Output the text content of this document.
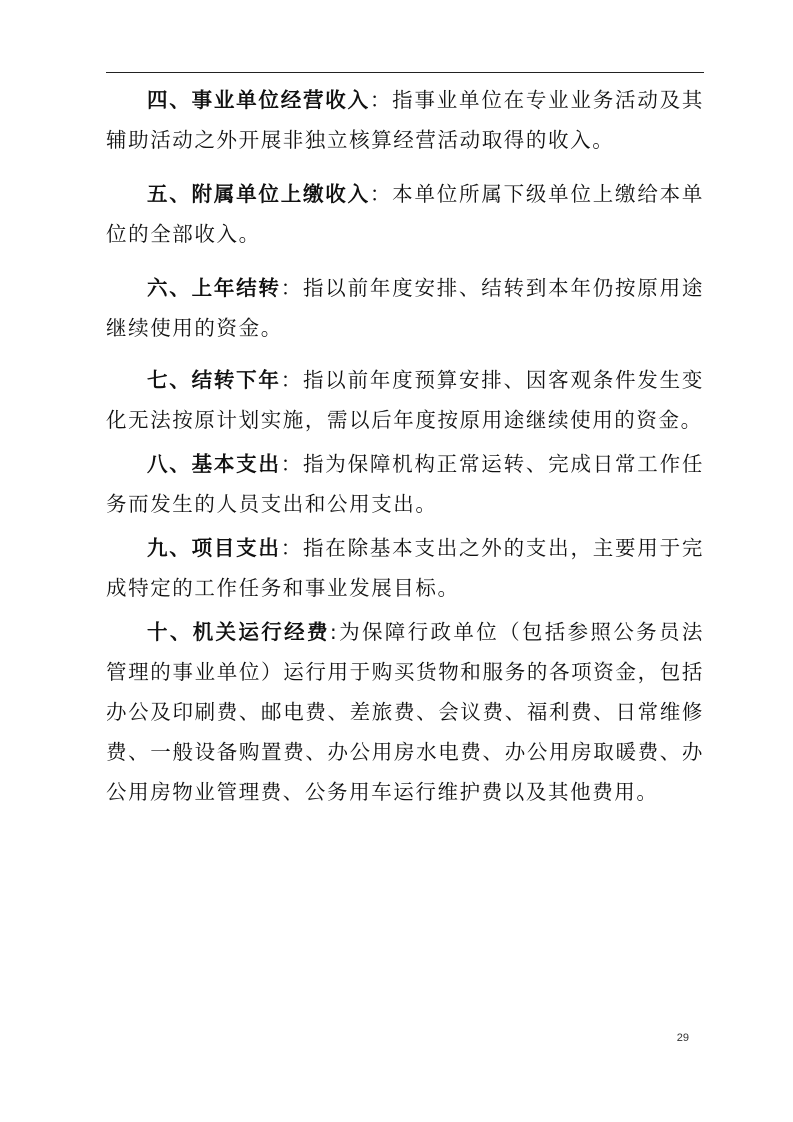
四、事业单位经营收入：指事业单位在专业业务活动及其辅助活动之外开展非独立核算经营活动取得的收入。

五、附属单位上缴收入：本单位所属下级单位上缴给本单位的全部收入。

六、上年结转：指以前年度安排、结转到本年仍按原用途继续使用的资金。

七、结转下年：指以前年度预算安排、因客观条件发生变化无法按原计划实施，需以后年度按原用途继续使用的资金。

八、基本支出：指为保障机构正常运转、完成日常工作任务而发生的人员支出和公用支出。

九、项目支出：指在除基本支出之外的支出，主要用于完成特定的工作任务和事业发展目标。

十、机关运行经费:为保障行政单位（包括参照公务员法管理的事业单位）运行用于购买货物和服务的各项资金，包括办公及印刷费、邮电费、差旅费、会议费、福利费、日常维修费、一般设备购置费、办公用房水电费、办公用房取暖费、办公用房物业管理费、公务用车运行维护费以及其他费用。

29
